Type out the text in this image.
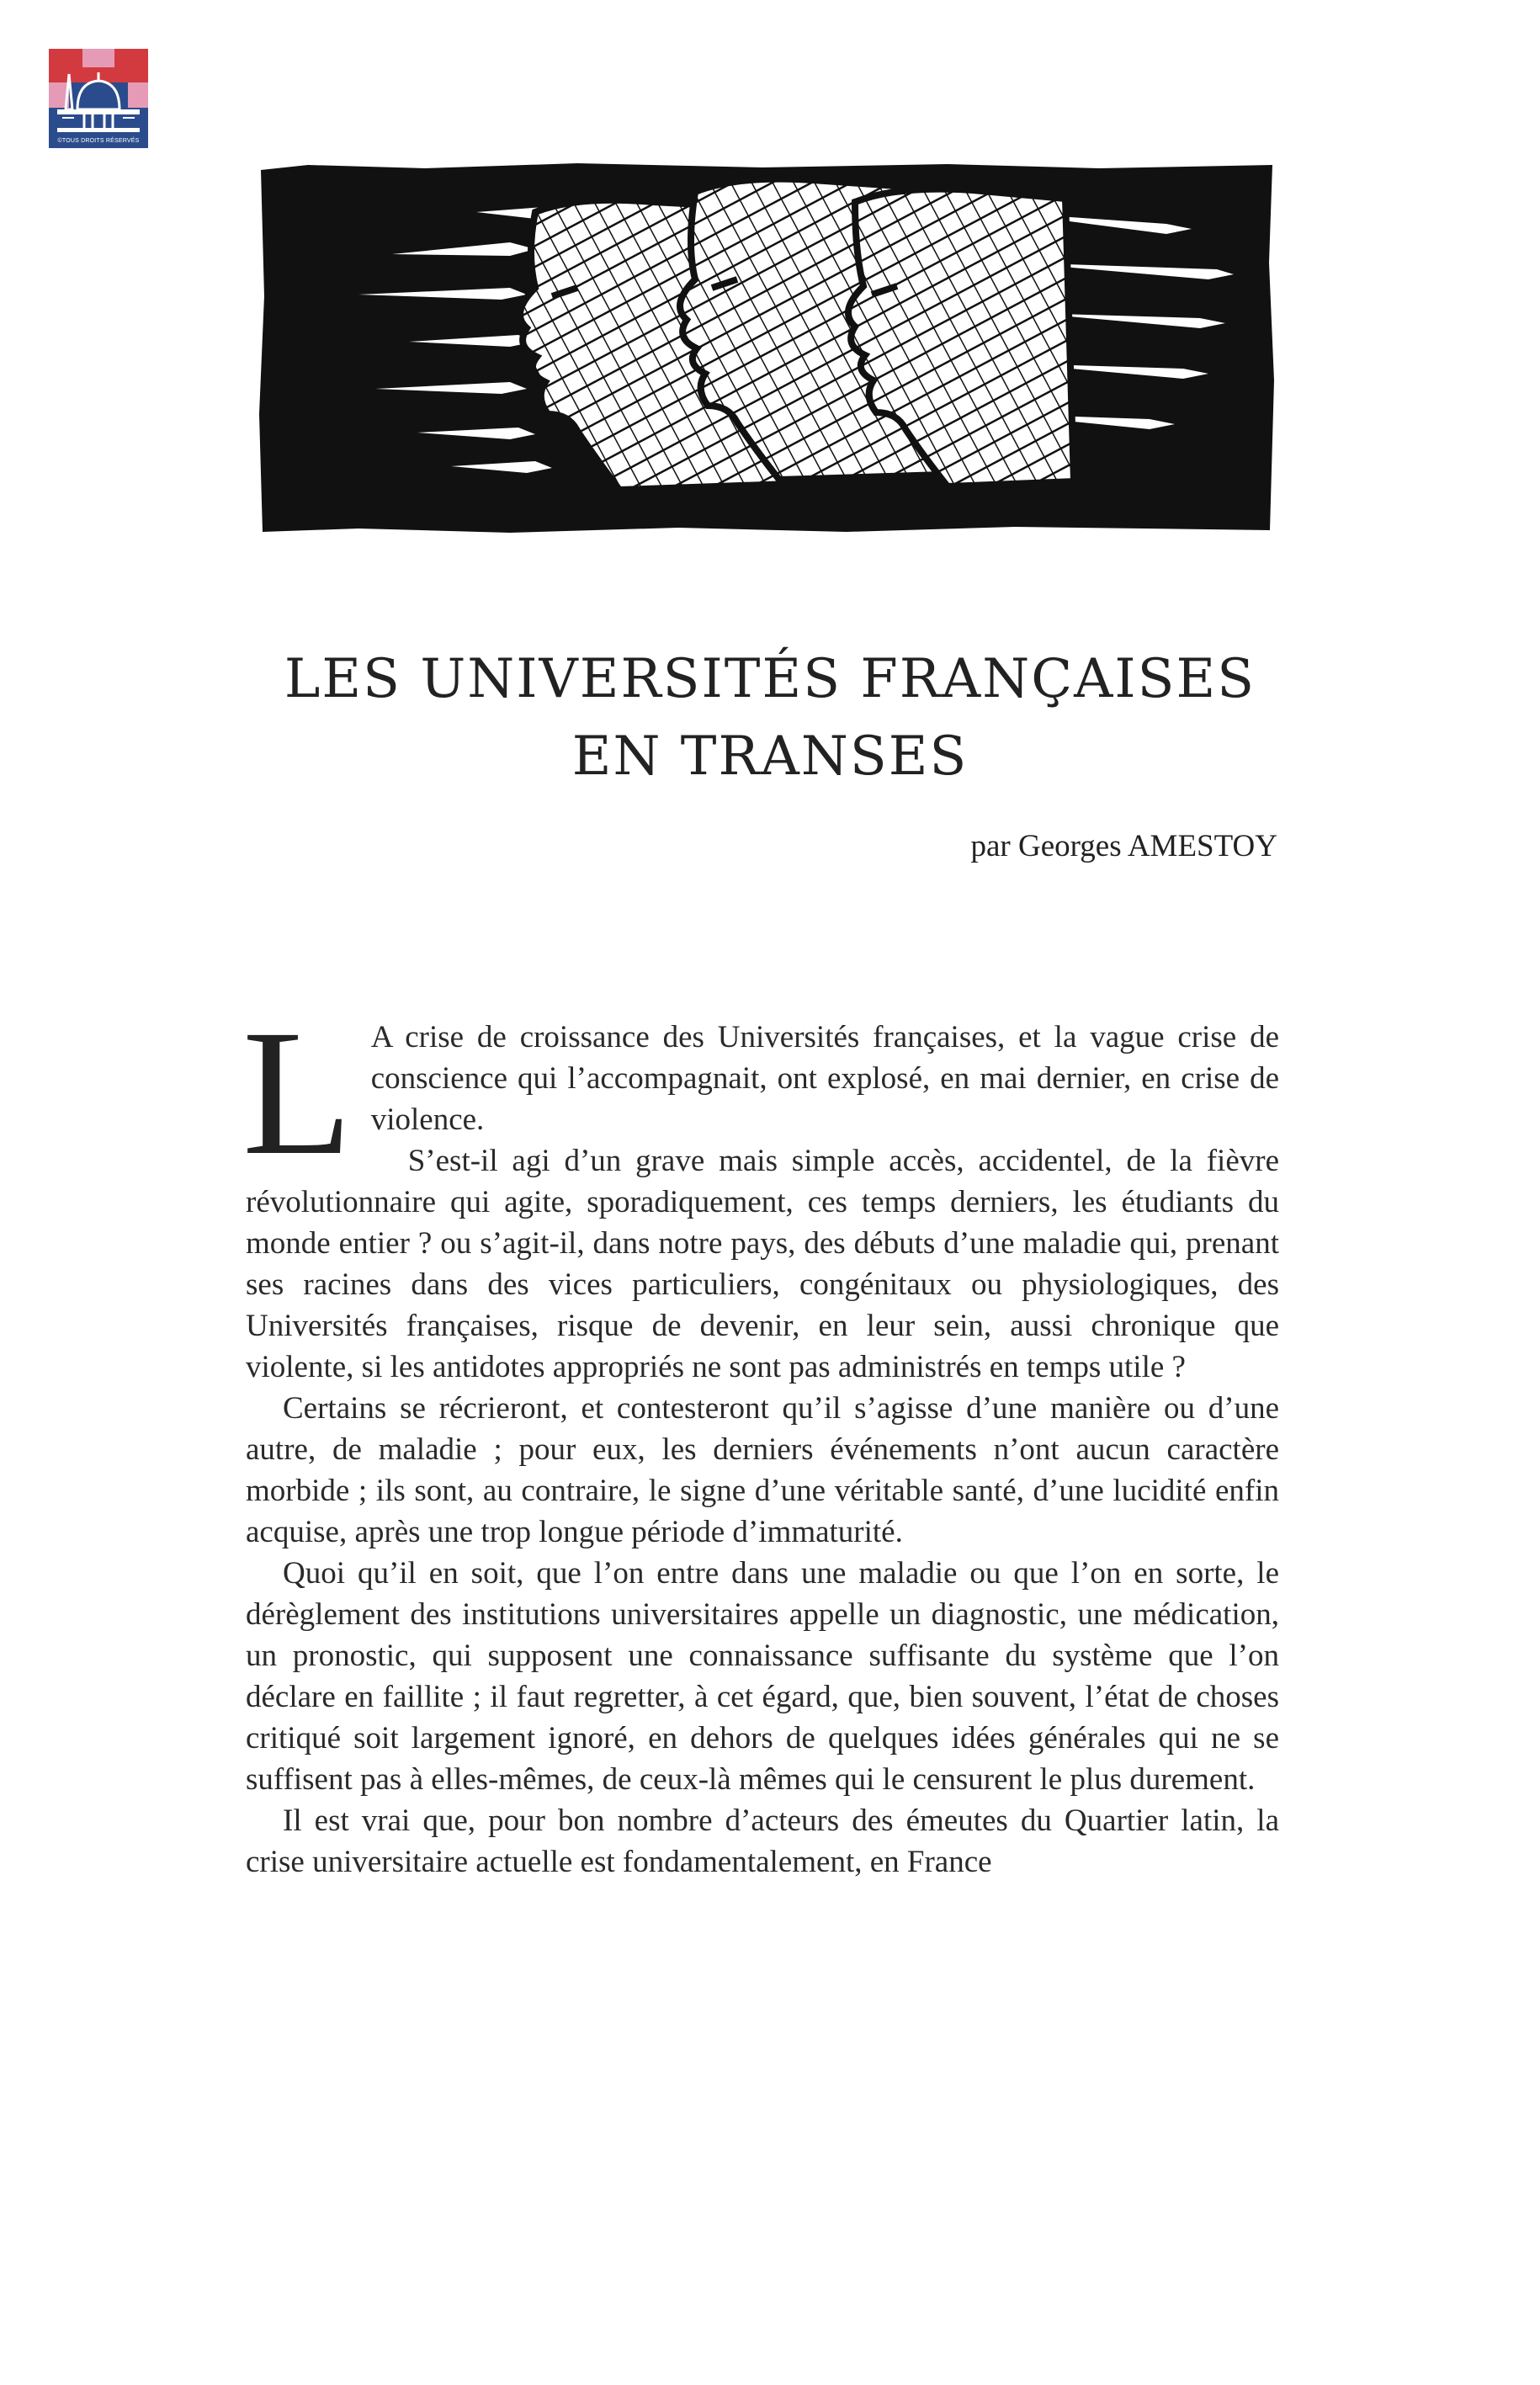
©TOUS DROITS RÉSERVÉS
LES UNIVERSITÉS FRANÇAISES
EN TRANSES
par Georges AMESTOY

L A crise de croissance des Universités françaises, et la vague crise de conscience qui l’accompagnait, ont explosé, en mai dernier, en crise de violence.

S’est-il agi d’un grave mais simple accès, accidentel, de la fièvre révolutionnaire qui agite, sporadiquement, ces temps derniers, les étudiants du monde entier ? ou s’agit-il, dans notre pays, des débuts d’une maladie qui, prenant ses racines dans des vices particuliers, congénitaux ou physiologiques, des Universités françaises, risque de devenir, en leur sein, aussi chronique que violente, si les antidotes appropriés ne sont pas administrés en temps utile ?

Certains se récrieront, et contesteront qu’il s’agisse d’une manière ou d’une autre, de maladie ; pour eux, les derniers événements n’ont aucun caractère morbide ; ils sont, au contraire, le signe d’une véritable santé, d’une lucidité enfin acquise, après une trop longue période d’immaturité.

Quoi qu’il en soit, que l’on entre dans une maladie ou que l’on en sorte, le dérèglement des institutions universitaires appelle un diagnostic, une médication, un pronostic, qui supposent une connaissance suffisante du système que l’on déclare en faillite ; il faut regretter, à cet égard, que, bien souvent, l’état de choses critiqué soit largement ignoré, en dehors de quelques idées générales qui ne se suffisent pas à elles-mêmes, de ceux-là mêmes qui le censurent le plus durement.

Il est vrai que, pour bon nombre d’acteurs des émeutes du Quartier latin, la crise universitaire actuelle est fondamentalement, en France
